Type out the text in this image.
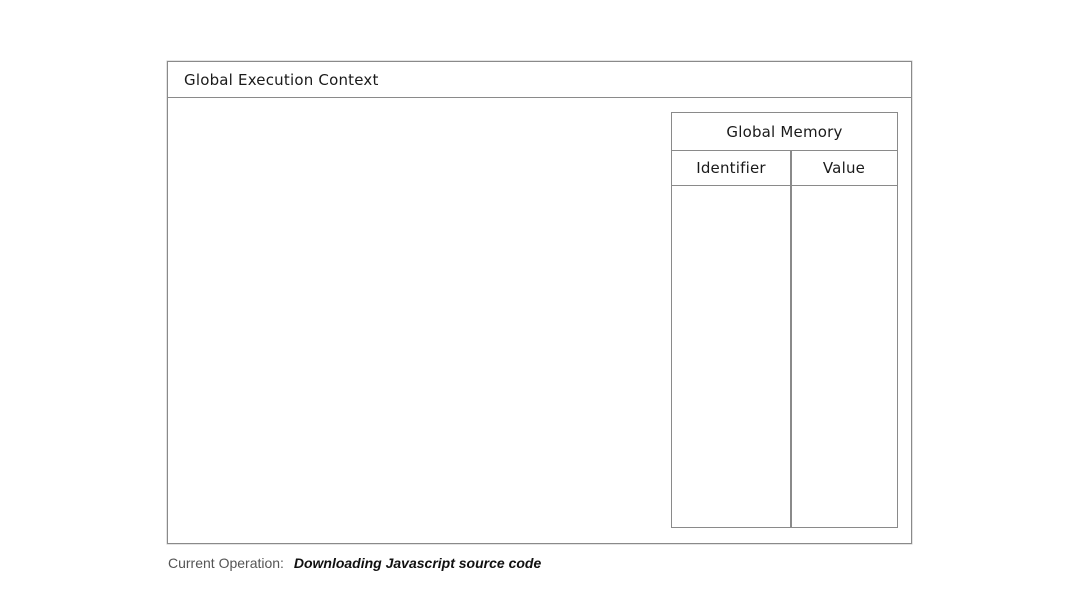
Global Execution Context
Global Memory
Identifier	Value
Current Operation: Downloading Javascript source code
